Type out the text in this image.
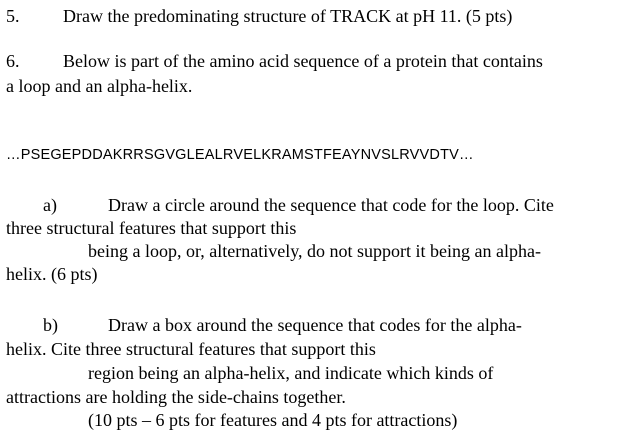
5. Draw the predominating structure of TRACK at pH 11. (5 pts)
6. Below is part of the amino acid sequence of a protein that contains
a loop and an alpha-helix.
…PSEGEPDDAKRRSGVGLEALRVELKRAMSTFEAYNVSLRVVDTV…
a)	Draw a circle around the sequence that code for the loop. Cite
three structural features that support this
being a loop, or, alternatively, do not support it being an alpha-
helix. (6 pts)
b)	Draw a box around the sequence that codes for the alpha-
helix. Cite three structural features that support this
region being an alpha-helix, and indicate which kinds of
attractions are holding the side-chains together.
(10 pts – 6 pts for features and 4 pts for attractions)
